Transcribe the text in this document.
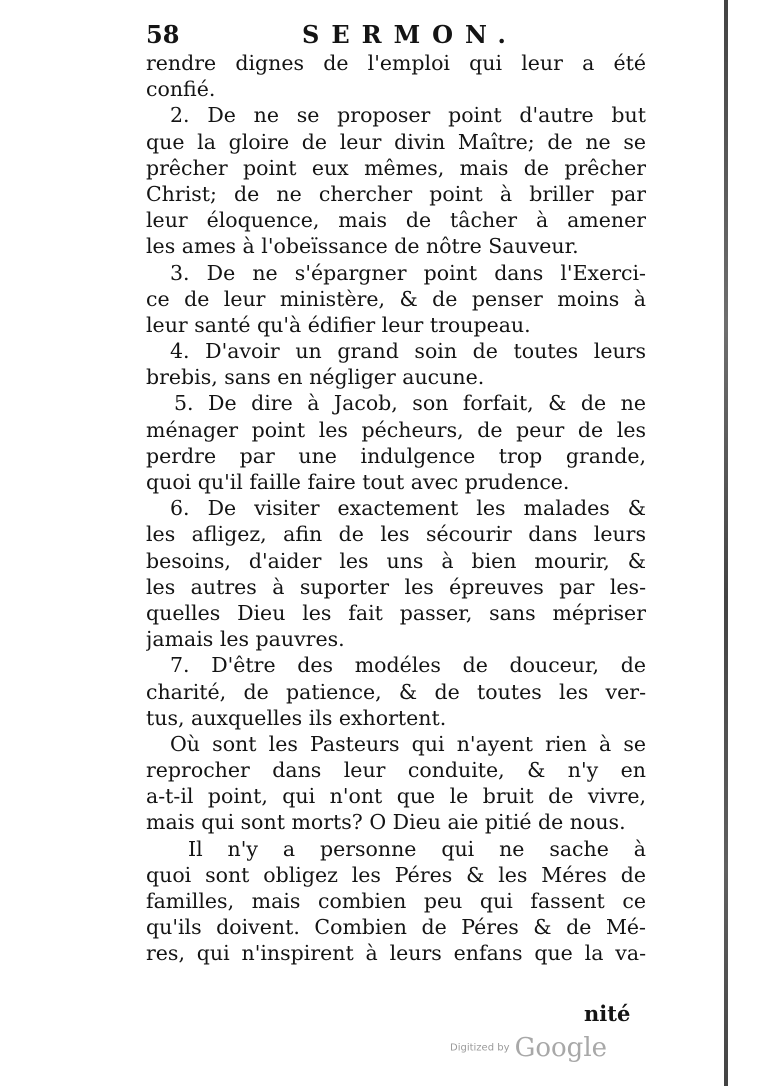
58	SERMON.
rendre dignes de l'emploi qui leur a été
confié.
2. De ne se proposer point d'autre but
que la gloire de leur divin Maître; de ne se
prêcher point eux mêmes, mais de prêcher
Christ; de ne chercher point à briller par
leur éloquence, mais de tâcher à amener
les ames à l'obeïssance de nôtre Sauveur.
3. De ne s'épargner point dans l'Exerci-
ce de leur ministère, & de penser moins à
leur santé qu'à édifier leur troupeau.
4. D'avoir un grand soin de toutes leurs
brebis, sans en négliger aucune.
5. De dire à Jacob, son forfait, & de ne
ménager point les pécheurs, de peur de les
perdre par une indulgence trop grande,
quoi qu'il faille faire tout avec prudence.
6. De visiter exactement les malades &
les afligez, afin de les sécourir dans leurs
besoins, d'aider les uns à bien mourir, &
les autres à suporter les épreuves par les-
quelles Dieu les fait passer, sans mépriser
jamais les pauvres.
7. D'être des modéles de douceur, de
charité, de patience, & de toutes les ver-
tus, auxquelles ils exhortent.
Où sont les Pasteurs qui n'ayent rien à se
reprocher dans leur conduite, & n'y en
a-t-il point, qui n'ont que le bruit de vivre,
mais qui sont morts? O Dieu aie pitié de nous.
Il n'y a personne qui ne sache à
quoi sont obligez les Péres & les Méres de
familles, mais combien peu qui fassent ce
qu'ils doivent. Combien de Péres & de Mé-
res, qui n'inspirent à leurs enfans que la va-
nité
Digitized by Google
